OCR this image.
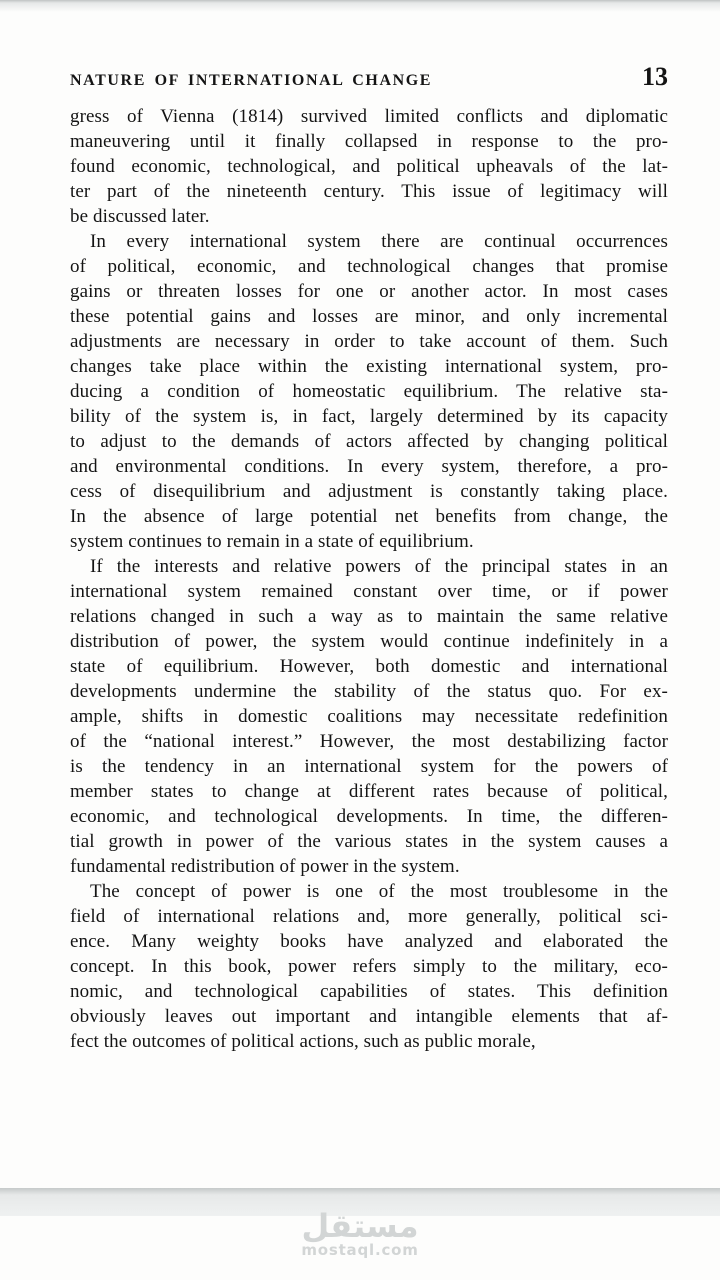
NATURE OF INTERNATIONAL CHANGE	13
gress of Vienna (1814) survived limited conflicts and diplomatic
maneuvering until it finally collapsed in response to the pro-
found economic, technological, and political upheavals of the lat-
ter part of the nineteenth century. This issue of legitimacy will
be discussed later.
In every international system there are continual occurrences
of political, economic, and technological changes that promise
gains or threaten losses for one or another actor. In most cases
these potential gains and losses are minor, and only incremental
adjustments are necessary in order to take account of them. Such
changes take place within the existing international system, pro-
ducing a condition of homeostatic equilibrium. The relative sta-
bility of the system is, in fact, largely determined by its capacity
to adjust to the demands of actors affected by changing political
and environmental conditions. In every system, therefore, a pro-
cess of disequilibrium and adjustment is constantly taking place.
In the absence of large potential net benefits from change, the
system continues to remain in a state of equilibrium.
If the interests and relative powers of the principal states in an
international system remained constant over time, or if power
relations changed in such a way as to maintain the same relative
distribution of power, the system would continue indefinitely in a
state of equilibrium. However, both domestic and international
developments undermine the stability of the status quo. For ex-
ample, shifts in domestic coalitions may necessitate redefinition
of the “national interest.” However, the most destabilizing factor
is the tendency in an international system for the powers of
member states to change at different rates because of political,
economic, and technological developments. In time, the differen-
tial growth in power of the various states in the system causes a
fundamental redistribution of power in the system.
The concept of power is one of the most troublesome in the
field of international relations and, more generally, political sci-
ence. Many weighty books have analyzed and elaborated the
concept. In this book, power refers simply to the military, eco-
nomic, and technological capabilities of states. This definition
obviously leaves out important and intangible elements that af-
fect the outcomes of political actions, such as public morale,
مستقل
mostaql.com
